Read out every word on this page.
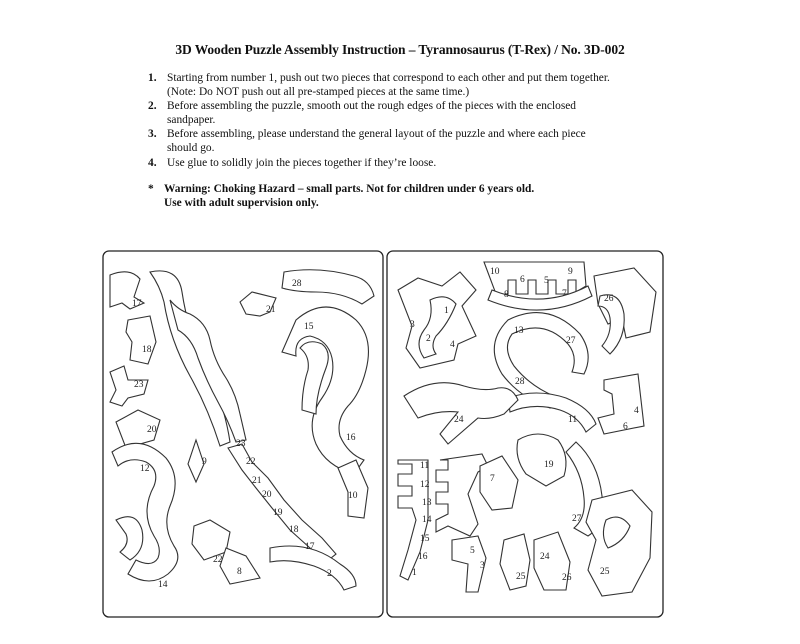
3D Wooden Puzzle Assembly Instruction – Tyrannosaurus (T-Rex) / No. 3D-002
1. Starting from number 1, push out two pieces that correspond to each other and put them together. (Note: Do NOT push out all pre-stamped pieces at the same time.)
2. Before assembling the puzzle, smooth out the rough edges of the pieces with the enclosed sandpaper.
3. Before assembling, please understand the general layout of the puzzle and where each piece should go.
4. Use glue to solidly join the pieces together if they’re loose.
* Warning: Choking Hazard – small parts. Not for children under 6 years old.
Use with adult supervision only.
17
21
28
15
18
23
20
16
23
22
9
21
12
20
19
10
18
17
22
8
14
2
10
6 5
9
8	7
1
3
2
4
26
13
27
28
24
4
11
6
11
12
7
19
13
14	27
15
16
5
3
1
24
25	26
25
